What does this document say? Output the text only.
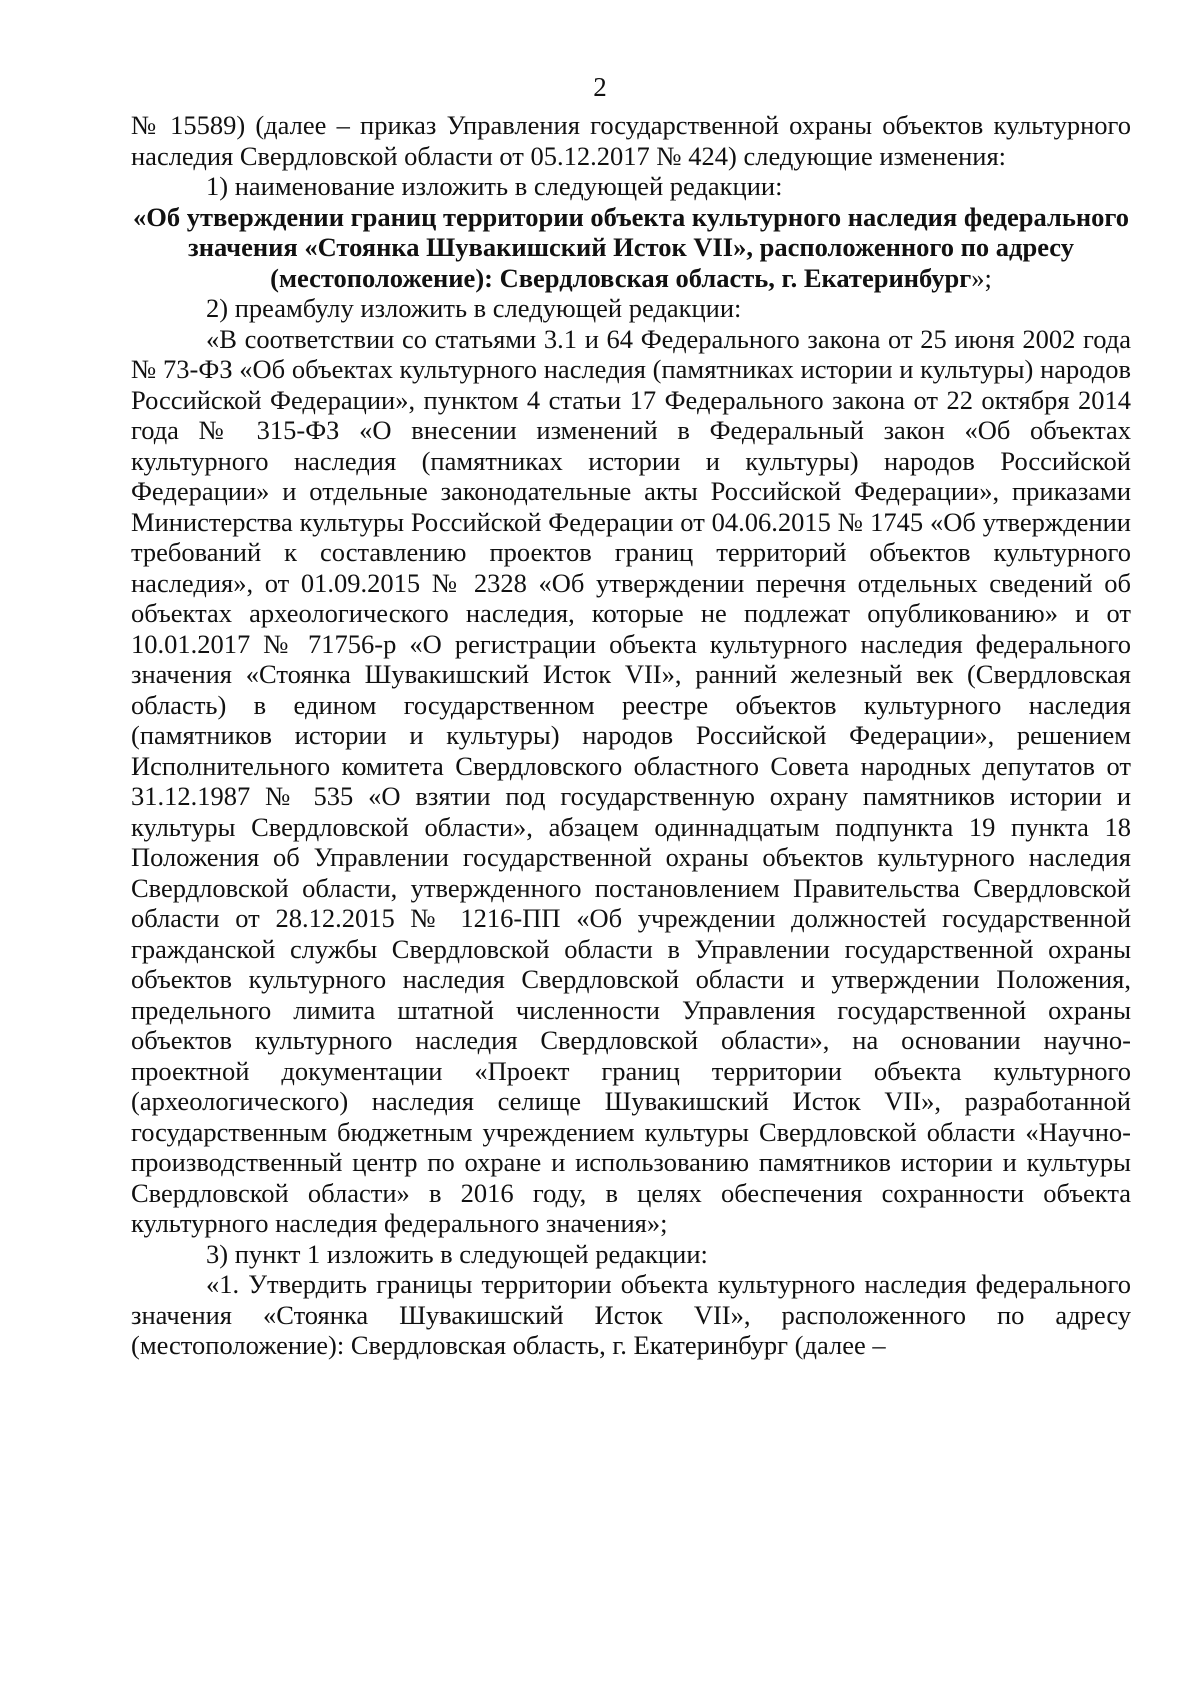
2

№ 15589) (далее – приказ Управления государственной охраны объектов культурного наследия Свердловской области от 05.12.2017 № 424) следующие изменения:

1) наименование изложить в следующей редакции:

«Об утверждении границ территории объекта культурного наследия федерального значения «Стоянка Шувакишский Исток VII», расположенного по адресу (местоположение): Свердловская область, г. Екатеринбург»;

2) преамбулу изложить в следующей редакции:

«В соответствии со статьями 3.1 и 64 Федерального закона от 25 июня 2002 года № 73-ФЗ «Об объектах культурного наследия (памятниках истории и культуры) народов Российской Федерации», пунктом 4 статьи 17 Федерального закона от 22 октября 2014 года № 315-ФЗ «О внесении изменений в Федеральный закон «Об объектах культурного наследия (памятниках истории и культуры) народов Российской Федерации» и отдельные законодательные акты Российской Федерации», приказами Министерства культуры Российской Федерации от 04.06.2015 № 1745 «Об утверждении требований к составлению проектов границ территорий объектов культурного наследия», от 01.09.2015 № 2328 «Об утверждении перечня отдельных сведений об объектах археологического наследия, которые не подлежат опубликованию» и от 10.01.2017 № 71756-р «О регистрации объекта культурного наследия федерального значения «Стоянка Шувакишский Исток VII», ранний железный век (Свердловская область) в едином государственном реестре объектов культурного наследия (памятников истории и культуры) народов Российской Федерации», решением Исполнительного комитета Свердловского областного Совета народных депутатов от 31.12.1987 № 535 «О взятии под государственную охрану памятников истории и культуры Свердловской области», абзацем одиннадцатым подпункта 19 пункта 18 Положения об Управлении государственной охраны объектов культурного наследия Свердловской области, утвержденного постановлением Правительства Свердловской области от 28.12.2015 № 1216-ПП «Об учреждении должностей государственной гражданской службы Свердловской области в Управлении государственной охраны объектов культурного наследия Свердловской области и утверждении Положения, предельного лимита штатной численности Управления государственной охраны объектов культурного наследия Свердловской области», на основании научно-проектной документации «Проект границ территории объекта культурного (археологического) наследия селище Шувакишский Исток VII», разработанной государственным бюджетным учреждением культуры Свердловской области «Научно-производственный центр по охране и использованию памятников истории и культуры Свердловской области» в 2016 году, в целях обеспечения сохранности объекта культурного наследия федерального значения»;

3) пункт 1 изложить в следующей редакции:

«1. Утвердить границы территории объекта культурного наследия федерального значения «Стоянка Шувакишский Исток VII», расположенного по адресу (местоположение): Свердловская область, г. Екатеринбург (далее –
